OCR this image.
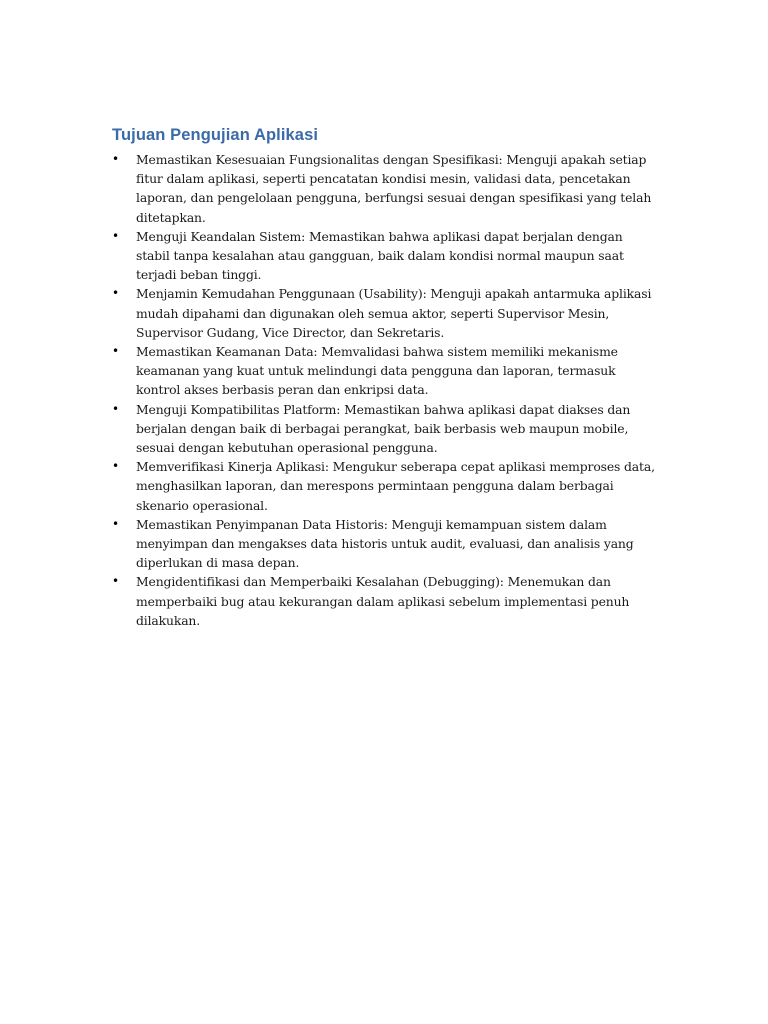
Tujuan Pengujian Aplikasi
• Memastikan Kesesuaian Fungsionalitas dengan Spesifikasi: Menguji apakah setiap fitur dalam aplikasi, seperti pencatatan kondisi mesin, validasi data, pencetakan laporan, dan pengelolaan pengguna, berfungsi sesuai dengan spesifikasi yang telah ditetapkan.
• Menguji Keandalan Sistem: Memastikan bahwa aplikasi dapat berjalan dengan stabil tanpa kesalahan atau gangguan, baik dalam kondisi normal maupun saat terjadi beban tinggi.
• Menjamin Kemudahan Penggunaan (Usability): Menguji apakah antarmuka aplikasi mudah dipahami dan digunakan oleh semua aktor, seperti Supervisor Mesin, Supervisor Gudang, Vice Director, dan Sekretaris.
• Memastikan Keamanan Data: Memvalidasi bahwa sistem memiliki mekanisme keamanan yang kuat untuk melindungi data pengguna dan laporan, termasuk kontrol akses berbasis peran dan enkripsi data.
• Menguji Kompatibilitas Platform: Memastikan bahwa aplikasi dapat diakses dan berjalan dengan baik di berbagai perangkat, baik berbasis web maupun mobile, sesuai dengan kebutuhan operasional pengguna.
• Memverifikasi Kinerja Aplikasi: Mengukur seberapa cepat aplikasi memproses data, menghasilkan laporan, dan merespons permintaan pengguna dalam berbagai skenario operasional.
• Memastikan Penyimpanan Data Historis: Menguji kemampuan sistem dalam menyimpan dan mengakses data historis untuk audit, evaluasi, dan analisis yang diperlukan di masa depan.
• Mengidentifikasi dan Memperbaiki Kesalahan (Debugging): Menemukan dan memperbaiki bug atau kekurangan dalam aplikasi sebelum implementasi penuh dilakukan.
